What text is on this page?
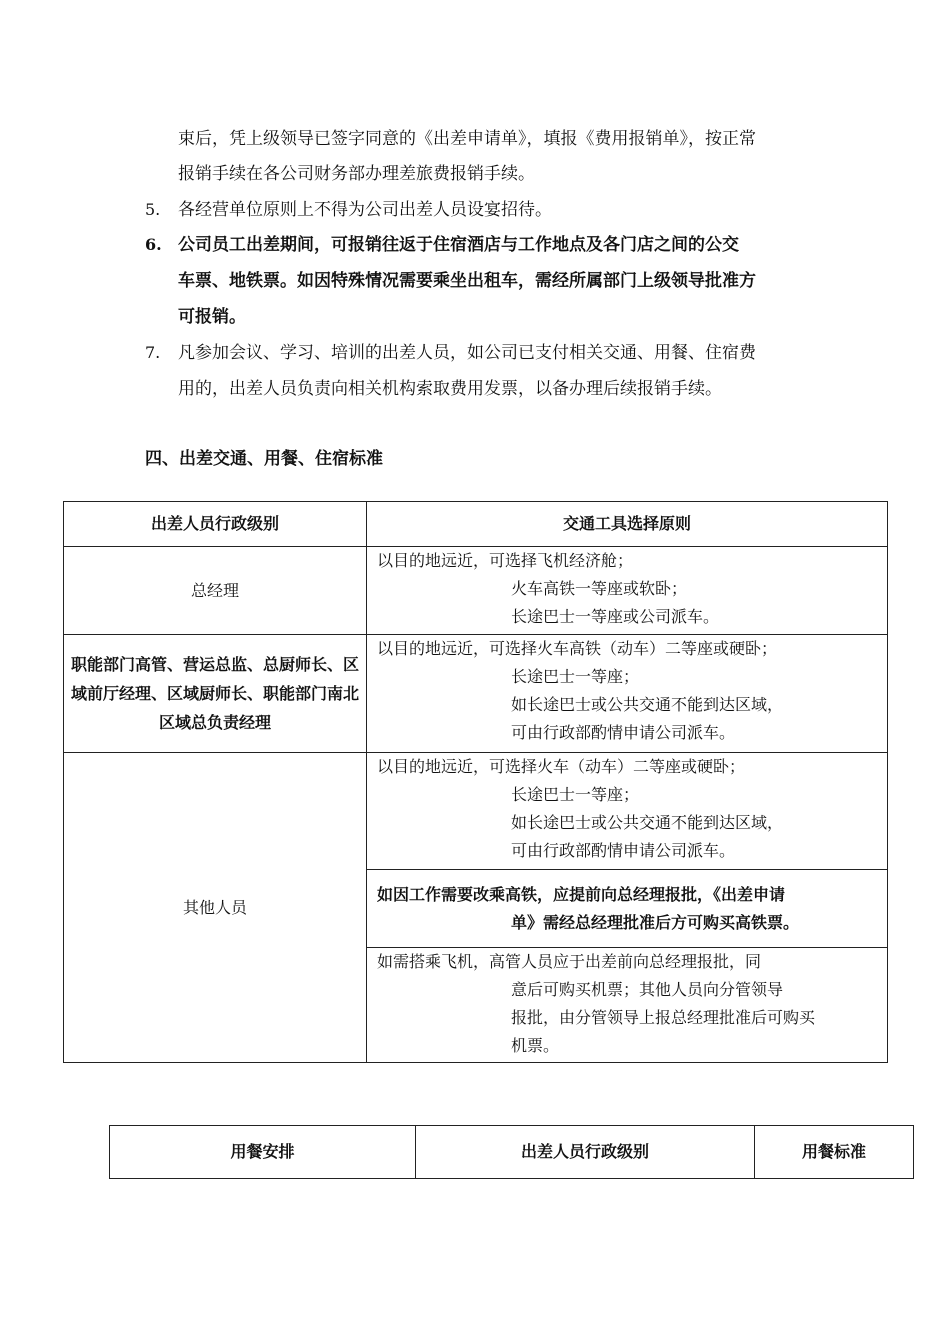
束后，凭上级领导已签字同意的《出差申请单》，填报《费用报销单》，按正常
报销手续在各公司财务部办理差旅费报销手续。
5. 各经营单位原则上不得为公司出差人员设宴招待。
6. 公司员工出差期间，可报销往返于住宿酒店与工作地点及各门店之间的公交
车票、地铁票。如因特殊情况需要乘坐出租车，需经所属部门上级领导批准方
可报销。
7. 凡参加会议、学习、培训的出差人员，如公司已支付相关交通、用餐、住宿费
用的，出差人员负责向相关机构索取费用发票，以备办理后续报销手续。
四、出差交通、用餐、住宿标准
出差人员行政级别	交通工具选择原则
总经理	以目的地远近，可选择飞机经济舱；
火车高铁一等座或软卧；
长途巴士一等座或公司派车。

职能部门高管、营运总监、总厨师长、区域前厅经理、区域厨师长、职能部门南北区域总负责经理	以目的地远近，可选择火车高铁（动车）二等座或硬卧；
长途巴士一等座；
如长途巴士或公共交通不能到达区域，
可由行政部酌情申请公司派车。

其他人员	以目的地远近，可选择火车（动车）二等座或硬卧；
长途巴士一等座；
如长途巴士或公共交通不能到达区域，
可由行政部酌情申请公司派车。

	如因工作需要改乘高铁，应提前向总经理报批，《出差申请
单》需经总经理批准后方可购买高铁票。

	如需搭乘飞机，高管人员应于出差前向总经理报批，同
意后可购买机票；其他人员向分管领导
报批，由分管领导上报总经理批准后可购买
机票。
用餐安排	出差人员行政级别	用餐标准
